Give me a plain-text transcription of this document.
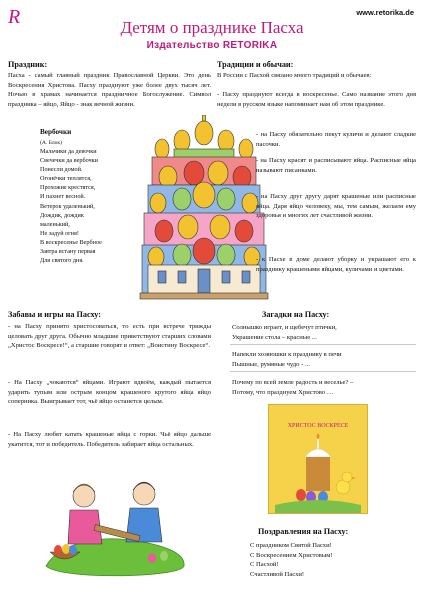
R	www.retorika.de
Детям о празднике Пасха
Издательство RETORIKA
Праздник:
Пасха - самый главный праздник Православной Церкви. Это день Воскресения Христова. Пасху празднуют уже более двух тысяч лет. Ночью в храмах начинается праздничное Богослужение. Символ праздника – яйцо, Яйцо - знак вечной жизни.
Вербочки
(А. Блок)
Мальчики да девочки
Свечечки да вербочки
Понесли домой.
Огонёчки теплятся,
Прохожие крестятся,
И пахнет весной.
Ветерок удаленький,
Дождик, дождик
маленький,
Не задуй огня!
В воскресенье Вербное
Завтра встану первая
Для святого дня.
Традиции и обычаи:
В России с Пасхой связано много традиций и обычаев:
- Пасху празднуют всегда в воскресенье. Само название этого дня недели в русском языке напоминает нам об этом празднике.
- на Пасху обязательно пекут куличи и делают сладкие пасочки.
- на Пасху красят и расписывают яйца. Расписные яйца называют писанками.
- на Пасху друг другу дарят крашеные или расписные яйца. Даря яйцо человеку, мы, тем самым, желаем ему здоровья и многих лет счастливой жизни.
- к Пасхе в доме делают уборку и украшают его к празднику крашеными яйцами, куличами и цветами.
Забавы и игры на Пасху:
- на Пасху принято христосоваться, то есть при встрече трижды целовать друг друга. Обычно младшие приветствуют старших словами „Христос Воскресе!“, а старшие говорят в ответ: „Воистину Воскресе“.
- На Пасху „чокаются“ яйцами. Играют вдвоём, каждый пытается ударить тупым или острым концом крашеного крутого яйца яйцо соперника. Выигрывает тот, чьё яйцо останется целым.
- На Пасху любят катать крашеные яйца с горки. Чьё яйцо дальше укатится, тот и победитель. Победитель забирает яйца остальных.
Загадки на Пасху:
Солнышко играет, и щебечут птички,
Украшение стола – красные ...
Напекли хозяюшки к празднику в печи
Пышные, румяные чудо - ...
Почему по всей земле радость и веселье? –
Потому, что празднуем Христово …
ХРИСТОС ВОСКРЕСЕ
Поздравления на Пасху:
С праздником Святой Пасхи!
С Воскресением Христовым!
С Пасхой!
Счастливой Пасхи!
